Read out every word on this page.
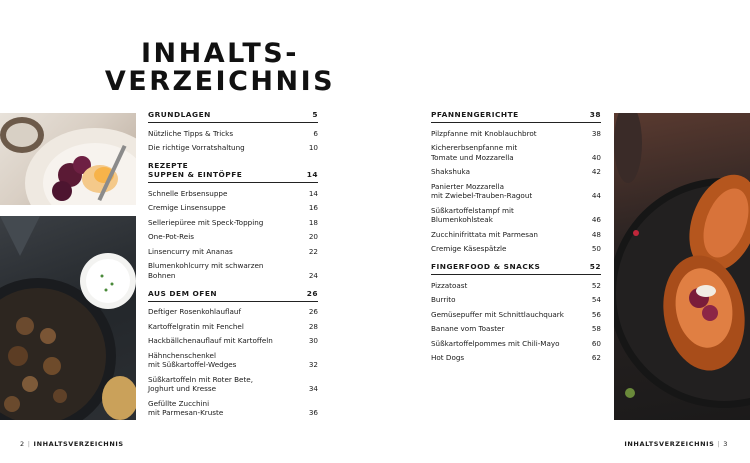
INHALTS-
VERZEICHNIS
GRUNDLAGEN	5
Nützliche Tipps & Tricks	6
Die richtige Vorratshaltung	10
REZEPTE
SUPPEN & EINTÖPFE	14
Schnelle Erbsensuppe	14
Cremige Linsensuppe	16
Selleriepüree mit Speck-Topping	18
One-Pot-Reis	20
Linsencurry mit Ananas	22
Blumenkohlcurry mit schwarzen
Bohnen	24
AUS DEM OFEN	26
Deftiger Rosenkohlauflauf	26
Kartoffelgratin mit Fenchel	28
Hackbällchenauflauf mit Kartoffeln	30
Hähnchenschenkel
mit Süßkartoffel-Wedges	32
Süßkartoffeln mit Roter Bete,
Joghurt und Kresse	34
Gefüllte Zucchini
mit Parmesan-Kruste	36
PFANNENGERICHTE	38
Pilzpfanne mit Knoblauchbrot	38
Kichererbsenpfanne mit
Tomate und Mozzarella	40
Shakshuka	42
Panierter Mozzarella
mit Zwiebel-Trauben-Ragout	44
Süßkartoffelstampf mit Blumenkohlsteak	46
Zucchinifrittata mit Parmesan	48
Cremige Käsespätzle	50
FINGERFOOD & SNACKS	52
Pizzatoast	52
Burrito	54
Gemüsepuffer mit Schnittlauchquark	56
Banane vom Toaster	58
Süßkartoffelpommes mit Chili-Mayo	60
Hot Dogs	62
2 | INHALTSVERZEICHNIS	INHALTSVERZEICHNIS | 3
